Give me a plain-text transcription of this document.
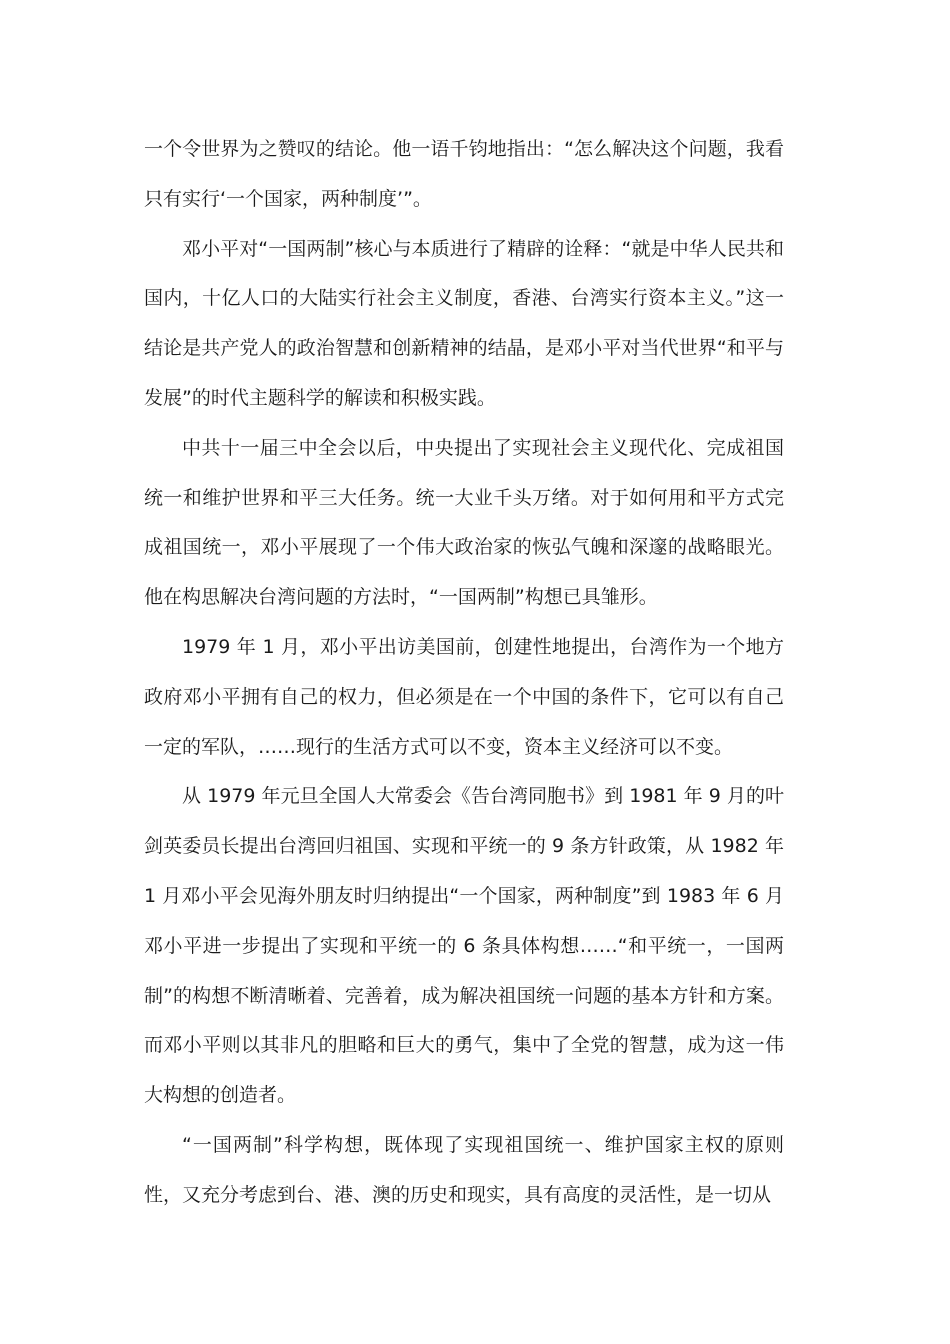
一个令世界为之赞叹的结论。他一语千钧地指出：“怎么解决这个问题，我看只有实行‘一个国家，两种制度’”。

邓小平对“一国两制”核心与本质进行了精辟的诠释：“就是中华人民共和国内，十亿人口的大陆实行社会主义制度，香港、台湾实行资本主义。”这一结论是共产党人的政治智慧和创新精神的结晶，是邓小平对当代世界“和平与发展”的时代主题科学的解读和积极实践。

中共十一届三中全会以后，中央提出了实现社会主义现代化、完成祖国统一和维护世界和平三大任务。统一大业千头万绪。对于如何用和平方式完成祖国统一，邓小平展现了一个伟大政治家的恢弘气魄和深邃的战略眼光。他在构思解决台湾问题的方法时，“一国两制”构想已具雏形。

1979 年 1 月，邓小平出访美国前，创建性地提出，台湾作为一个地方政府邓小平拥有自己的权力，但必须是在一个中国的条件下，它可以有自己一定的军队，……现行的生活方式可以不变，资本主义经济可以不变。

从 1979 年元旦全国人大常委会《告台湾同胞书》到 1981 年 9 月的叶剑英委员长提出台湾回归祖国、实现和平统一的 9 条方针政策，从 1982 年 1 月邓小平会见海外朋友时归纳提出“一个国家，两种制度”到 1983 年 6 月邓小平进一步提出了实现和平统一的 6 条具体构想……“和平统一，一国两制”的构想不断清晰着、完善着，成为解决祖国统一问题的基本方针和方案。而邓小平则以其非凡的胆略和巨大的勇气，集中了全党的智慧，成为这一伟大构想的创造者。

“一国两制”科学构想，既体现了实现祖国统一、维护国家主权的原则性，又充分考虑到台、港、澳的历史和现实，具有高度的灵活性，是一切从
